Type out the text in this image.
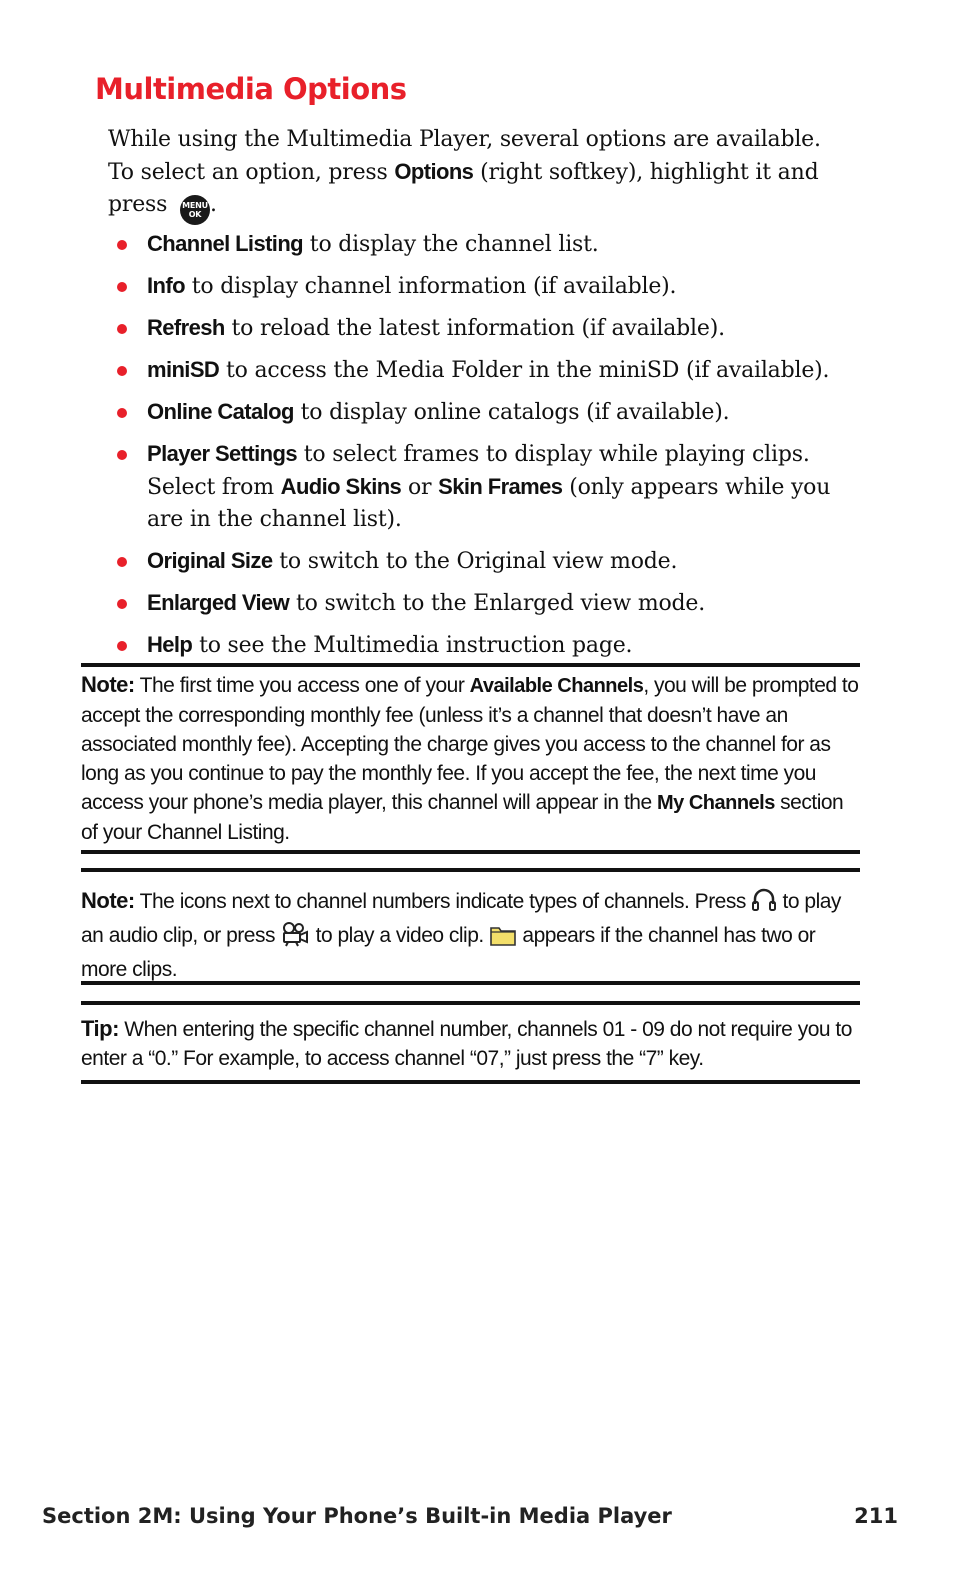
Multimedia Options
While using the Multimedia Player, several options are available.
To select an option, press Options (right softkey), highlight it and
press MENU
OK .
Channel Listing to display the channel list.
Info to display channel information (if available).
Refresh to reload the latest information (if available).
miniSD to access the Media Folder in the miniSD (if available).
Online Catalog to display online catalogs (if available).
Player Settings to select frames to display while playing clips. Select from Audio Skins or Skin Frames (only appears while you are in the channel list).
Original Size to switch to the Original view mode.
Enlarged View to switch to the Enlarged view mode.
Help to see the Multimedia instruction page.
Note: The first time you access one of your Available Channels, you will be prompted to accept the corresponding monthly fee (unless it’s a channel that doesn’t have an associated monthly fee). Accepting the charge gives you access to the channel for as long as you continue to pay the monthly fee. If you accept the fee, the next time you access your phone’s media player, this channel will appear in the My Channels section of your Channel Listing.
Note: The icons next to channel numbers indicate types of channels. Press  to play an audio clip, or press  to play a video clip.  appears if the channel has two or more clips.
Tip: When entering the specific channel number, channels 01 - 09 do not require you to enter a “0.” For example, to access channel “07,” just press the “7” key.
Section 2M: Using Your Phone’s Built-in Media Player	211
